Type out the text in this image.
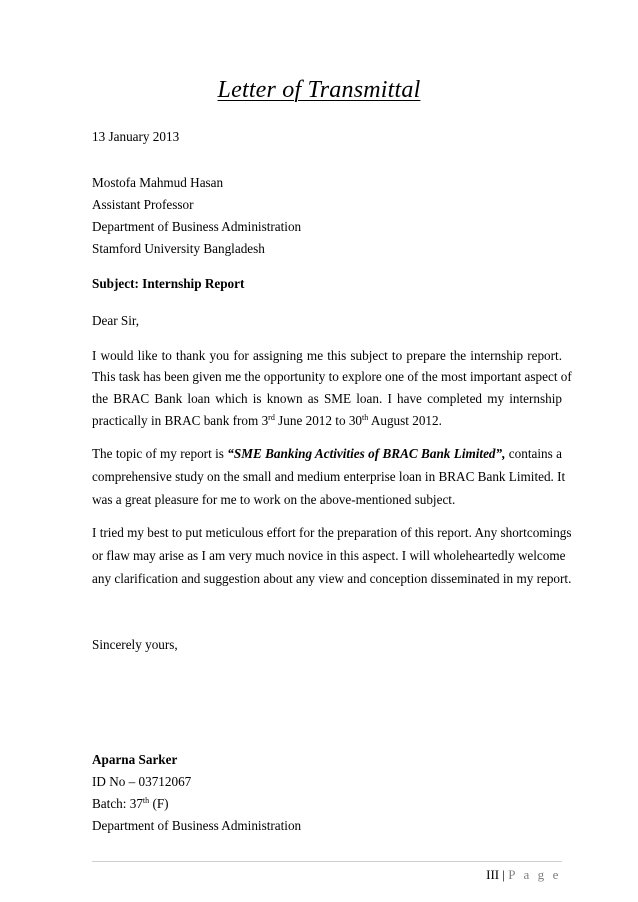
Letter of Transmittal
13 January 2013
Mostofa Mahmud Hasan
Assistant Professor
Department of Business Administration
Stamford University Bangladesh
Subject: Internship Report
Dear Sir,
I would like to thank you for assigning me this subject to prepare the internship report.
This task has been given me the opportunity to explore one of the most important aspect of
the BRAC Bank loan which is known as SME loan. I have completed my internship
practically in BRAC bank from 3rd June 2012 to 30th August 2012.
The topic of my report is “SME Banking Activities of BRAC Bank Limited”, contains a
comprehensive study on the small and medium enterprise loan in BRAC Bank Limited. It
was a great pleasure for me to work on the above-mentioned subject.
I tried my best to put meticulous effort for the preparation of this report. Any shortcomings
or flaw may arise as I am very much novice in this aspect. I will wholeheartedly welcome
any clarification and suggestion about any view and conception disseminated in my report.
Sincerely yours,
Aparna Sarker
ID No – 03712067
Batch: 37th (F)
Department of Business Administration
III | P a g e
